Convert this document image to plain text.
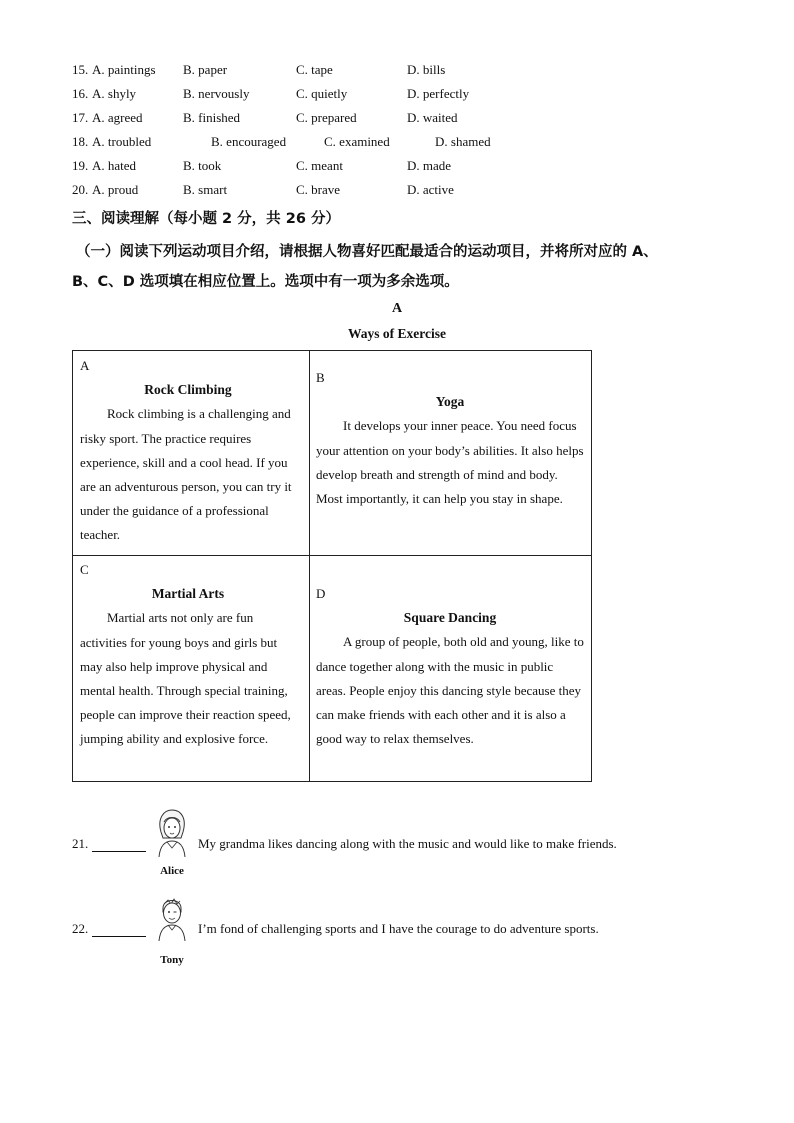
15. A. paintings B. paper	C. tape	D. bills
16. A. shyly	B. nervously	C. quietly	D. perfectly
17. A. agreed	B. finished	C. prepared	D. waited
18. A. troubled	B. encouraged	C. examined	D. shamed
19. A. hated	B. took	C. meant	D. made
20. A. proud	B. smart	C. brave	D. active
三、阅读理解（每小题 2 分，共 26 分）
（一）阅读下列运动项目介绍，请根据人物喜好匹配最适合的运动项目，并将所对应的 A、
B、C、D 选项填在相应位置上。选项中有一项为多余选项。
A
Ways of Exercise
A
Rock Climbing
Rock climbing is a challenging and risky sport. The practice requires experience, skill and a cool head. If you are an adventurous person, you can try it under the guidance of a professional teacher.
B
Yoga
It develops your inner peace. You need focus your attention on your body’s abilities. It also helps develop breath and strength of mind and body. Most importantly, it can help you stay in shape.
C
Martial Arts
Martial arts not only are fun activities for young boys and girls but may also help improve physical and mental health. Through special training, people can improve their reaction speed, jumping ability and explosive force.
D
Square Dancing
A group of people, both old and young, like to dance together along with the music in public areas. People enjoy this dancing style because they can make friends with each other and it is also a good way to relax themselves.
21.
Alice
My grandma likes dancing along with the music and would like to make friends.
22.
Tony
I’m fond of challenging sports and I have the courage to do adventure sports.
